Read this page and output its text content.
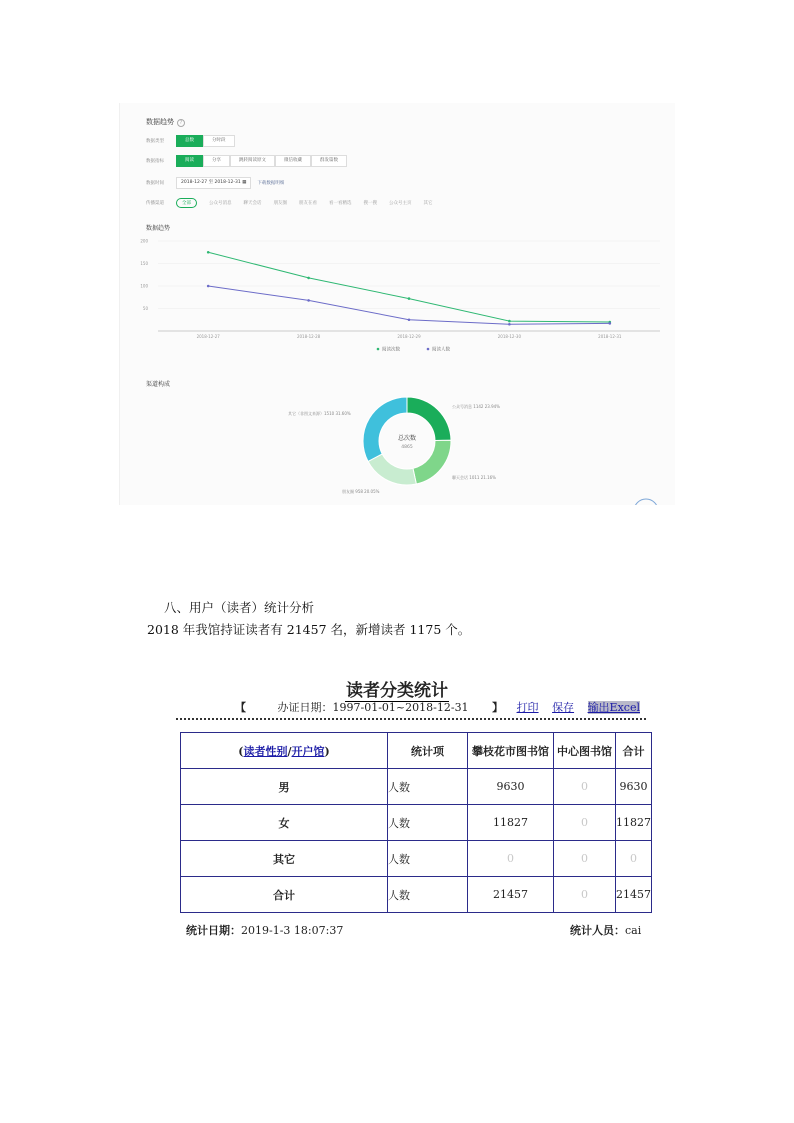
数据趋势 ?
数据类型	总数	分时段
数据指标	阅读	分享	跳转阅读原文	微信收藏	群发篇数
数据时间	2018-12-27 至 2018-12-31 ▦	下载数据明细
传播渠道	全部	公众号消息	聊天会话	朋友圈	朋友在看	看一看精选	搜一搜	公众号主页	其它
数据趋势
渠道构成
50
100
150
200
2018-12-27	2018-12-28	2018-12-29	2018-12-30	2018-12-31
阅读次数	阅读人数
总次数
4865
公众号消息 1142 23.94%
聊天会话 1011 21.16%
朋友圈 958 20.05%
其它（非图文来源）1510 31.60%
八、用户（读者）统计分析
2018 年我馆持证读者有 21457 名，新增读者 1175 个。
读者分类统计
【	办证日期：1997-01-01~2018-12-31 】 打印 保存 输出Excel
(读者性别/开户馆)	统计项	攀枝花市图书馆	中心图书馆	合计
男	人数	9630	0	9630
女	人数	11827	0	11827
其它	人数	0	0	0
合计	人数	21457	0	21457
统计日期：2019-1-3 18:07:37	统计人员：cai
